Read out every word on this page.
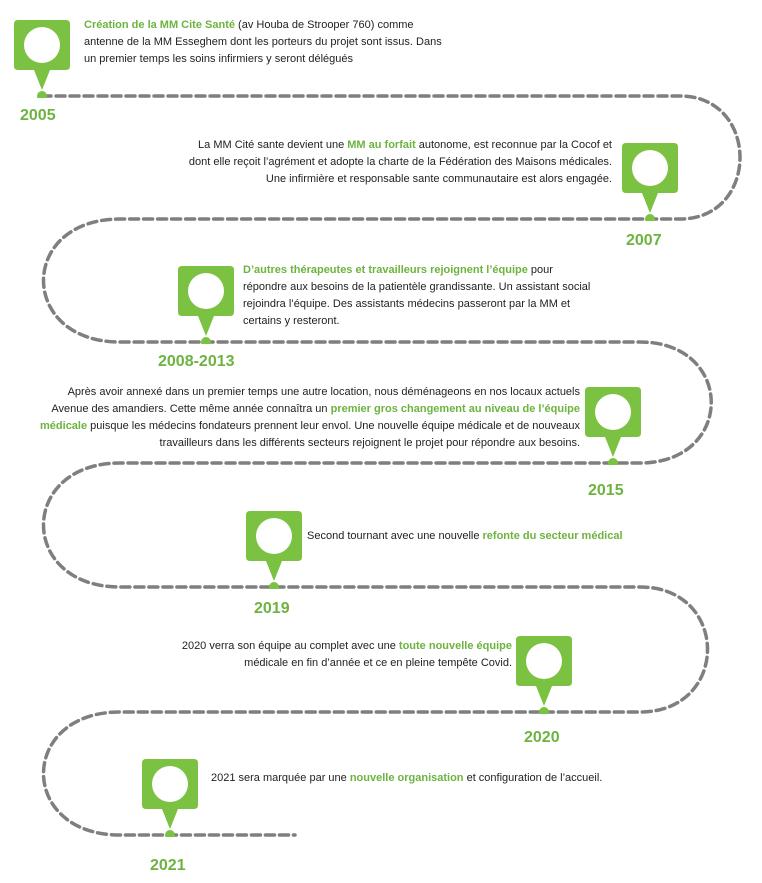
2005
2007
2008-2013
2015
2019
2020
2021
Création de la MM Cite Santé (av Houba de Strooper 760) comme antenne de la MM Esseghem dont les porteurs du projet sont issus. Dans un premier temps les soins infirmiers y seront délégués
La MM Cité sante devient une MM au forfait autonome, est reconnue par la Cocof et dont elle reçoit l’agrément et adopte la charte de la Fédération des Maisons médicales. Une infirmière et responsable sante communautaire est alors engagée.
D’autres thérapeutes et travailleurs rejoignent l’équipe pour répondre aux besoins de la patientèle grandissante. Un assistant social rejoindra l’équipe. Des assistants médecins passeront par la MM et certains y resteront.
Après avoir annexé dans un premier temps une autre location, nous déménageons en nos locaux actuels Avenue des amandiers. Cette même année connaîtra un premier gros changement au niveau de l’équipe médicale puisque les médecins fondateurs prennent leur envol. Une nouvelle équipe médicale et de nouveaux travailleurs dans les différents secteurs rejoignent le projet pour répondre aux besoins.
Second tournant avec une nouvelle refonte du secteur médical
2020 verra son équipe au complet avec une toute nouvelle équipe médicale en fin d’année et ce en pleine tempête Covid.
2021 sera marquée par une nouvelle organisation et configuration de l’accueil.
